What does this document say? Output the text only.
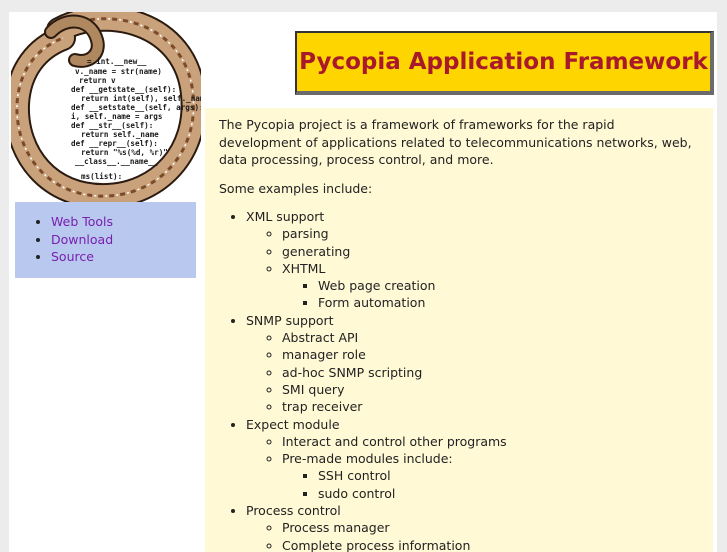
= int.__new__
v._name = str(name)
return v
def __getstate__(self):
return int(self), self._name
def __setstate__(self, args):
i, self._name = args
def __str__(self):
return self._name
def __repr__(self):
return "%s(%d, %r)"
__class__.__name__
ms(list):
• Web Tools
• Download
• Source
Pycopia Application Framework

The Pycopia project is a framework of frameworks for the rapid development of applications related to telecommunications networks, web, data processing, process control, and more.

Some examples include:

• XML support
◦ parsing
◦ generating
◦ XHTML
▪ Web page creation
▪ Form automation
• SNMP support
◦ Abstract API
◦ manager role
◦ ad-hoc SNMP scripting
◦ SMI query
◦ trap receiver
• Expect module
◦ Interact and control other programs
◦ Pre-made modules include:
▪ SSH control
▪ sudo control
• Process control
◦ Process manager
◦ Complete process information
